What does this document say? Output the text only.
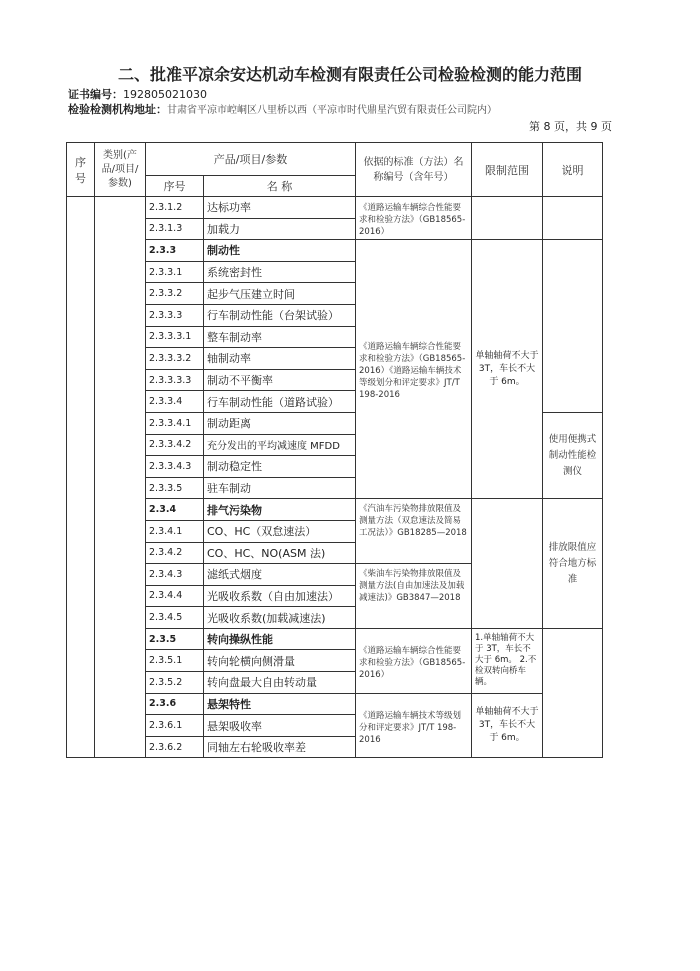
二、批准平凉余安达机动车检测有限责任公司检验检测的能力范围
证书编号：192805021030
检验检测机构地址：甘肃省平凉市崆峒区八里桥以西（平凉市时代鼎星汽贸有限责任公司院内）
第 8 页，共 9 页
序号	类别(产品/项目/参数)	产品/项目/参数		依据的标准（方法）名称编号（含年号）	限制范围	说明
		序号	名 称			
		2.3.1.2	达标功率	《道路运输车辆综合性能要求和检验方法》（GB18565-2016）		
		2.3.1.3	加载力			
		2.3.3	制动性	《道路运输车辆综合性能要求和检验方法》（GB18565-2016）《道路运输车辆技术等级划分和评定要求》JT/T 198-2016	单轴轴荷不大于 3T，车长不大于 6m。	
		2.3.3.1	系统密封性			
		2.3.3.2	起步气压建立时间			
		2.3.3.3	行车制动性能（台架试验）			
		2.3.3.3.1	整车制动率			
		2.3.3.3.2	轴制动率			
		2.3.3.3.3	制动不平衡率			
		2.3.3.4	行车制动性能（道路试验）			
		2.3.3.4.1	制动距离			使用便携式制动性能检测仪
		2.3.3.4.2	充分发出的平均减速度 MFDD			
		2.3.3.4.3	制动稳定性			
		2.3.3.5	驻车制动			
		2.3.4	排气污染物	《汽油车污染物排放限值及测量方法（双怠速法及简易工况法）》GB18285—2018		排放限值应符合地方标准
		2.3.4.1	CO、HC（双怠速法）			
		2.3.4.2	CO、HC、NO(ASM 法)			
		2.3.4.3	滤纸式烟度	《柴油车污染物排放限值及测量方法(自由加速法及加载减速法)》GB3847—2018		
		2.3.4.4	光吸收系数（自由加速法）			
		2.3.4.5	光吸收系数(加载减速法)			
		2.3.5	转向操纵性能	《道路运输车辆综合性能要求和检验方法》（GB18565-2016）	1.单轴轴荷不大于 3T，车长不大于 6m。 2.不检双转向桥车辆。	
		2.3.5.1	转向轮横向侧滑量			
		2.3.5.2	转向盘最大自由转动量			
		2.3.6	悬架特性	《道路运输车辆技术等级划分和评定要求》JT/T 198-2016	单轴轴荷不大于 3T，车长不大于 6m。	
		2.3.6.1	悬架吸收率			
		2.3.6.2	同轴左右轮吸收率差			
